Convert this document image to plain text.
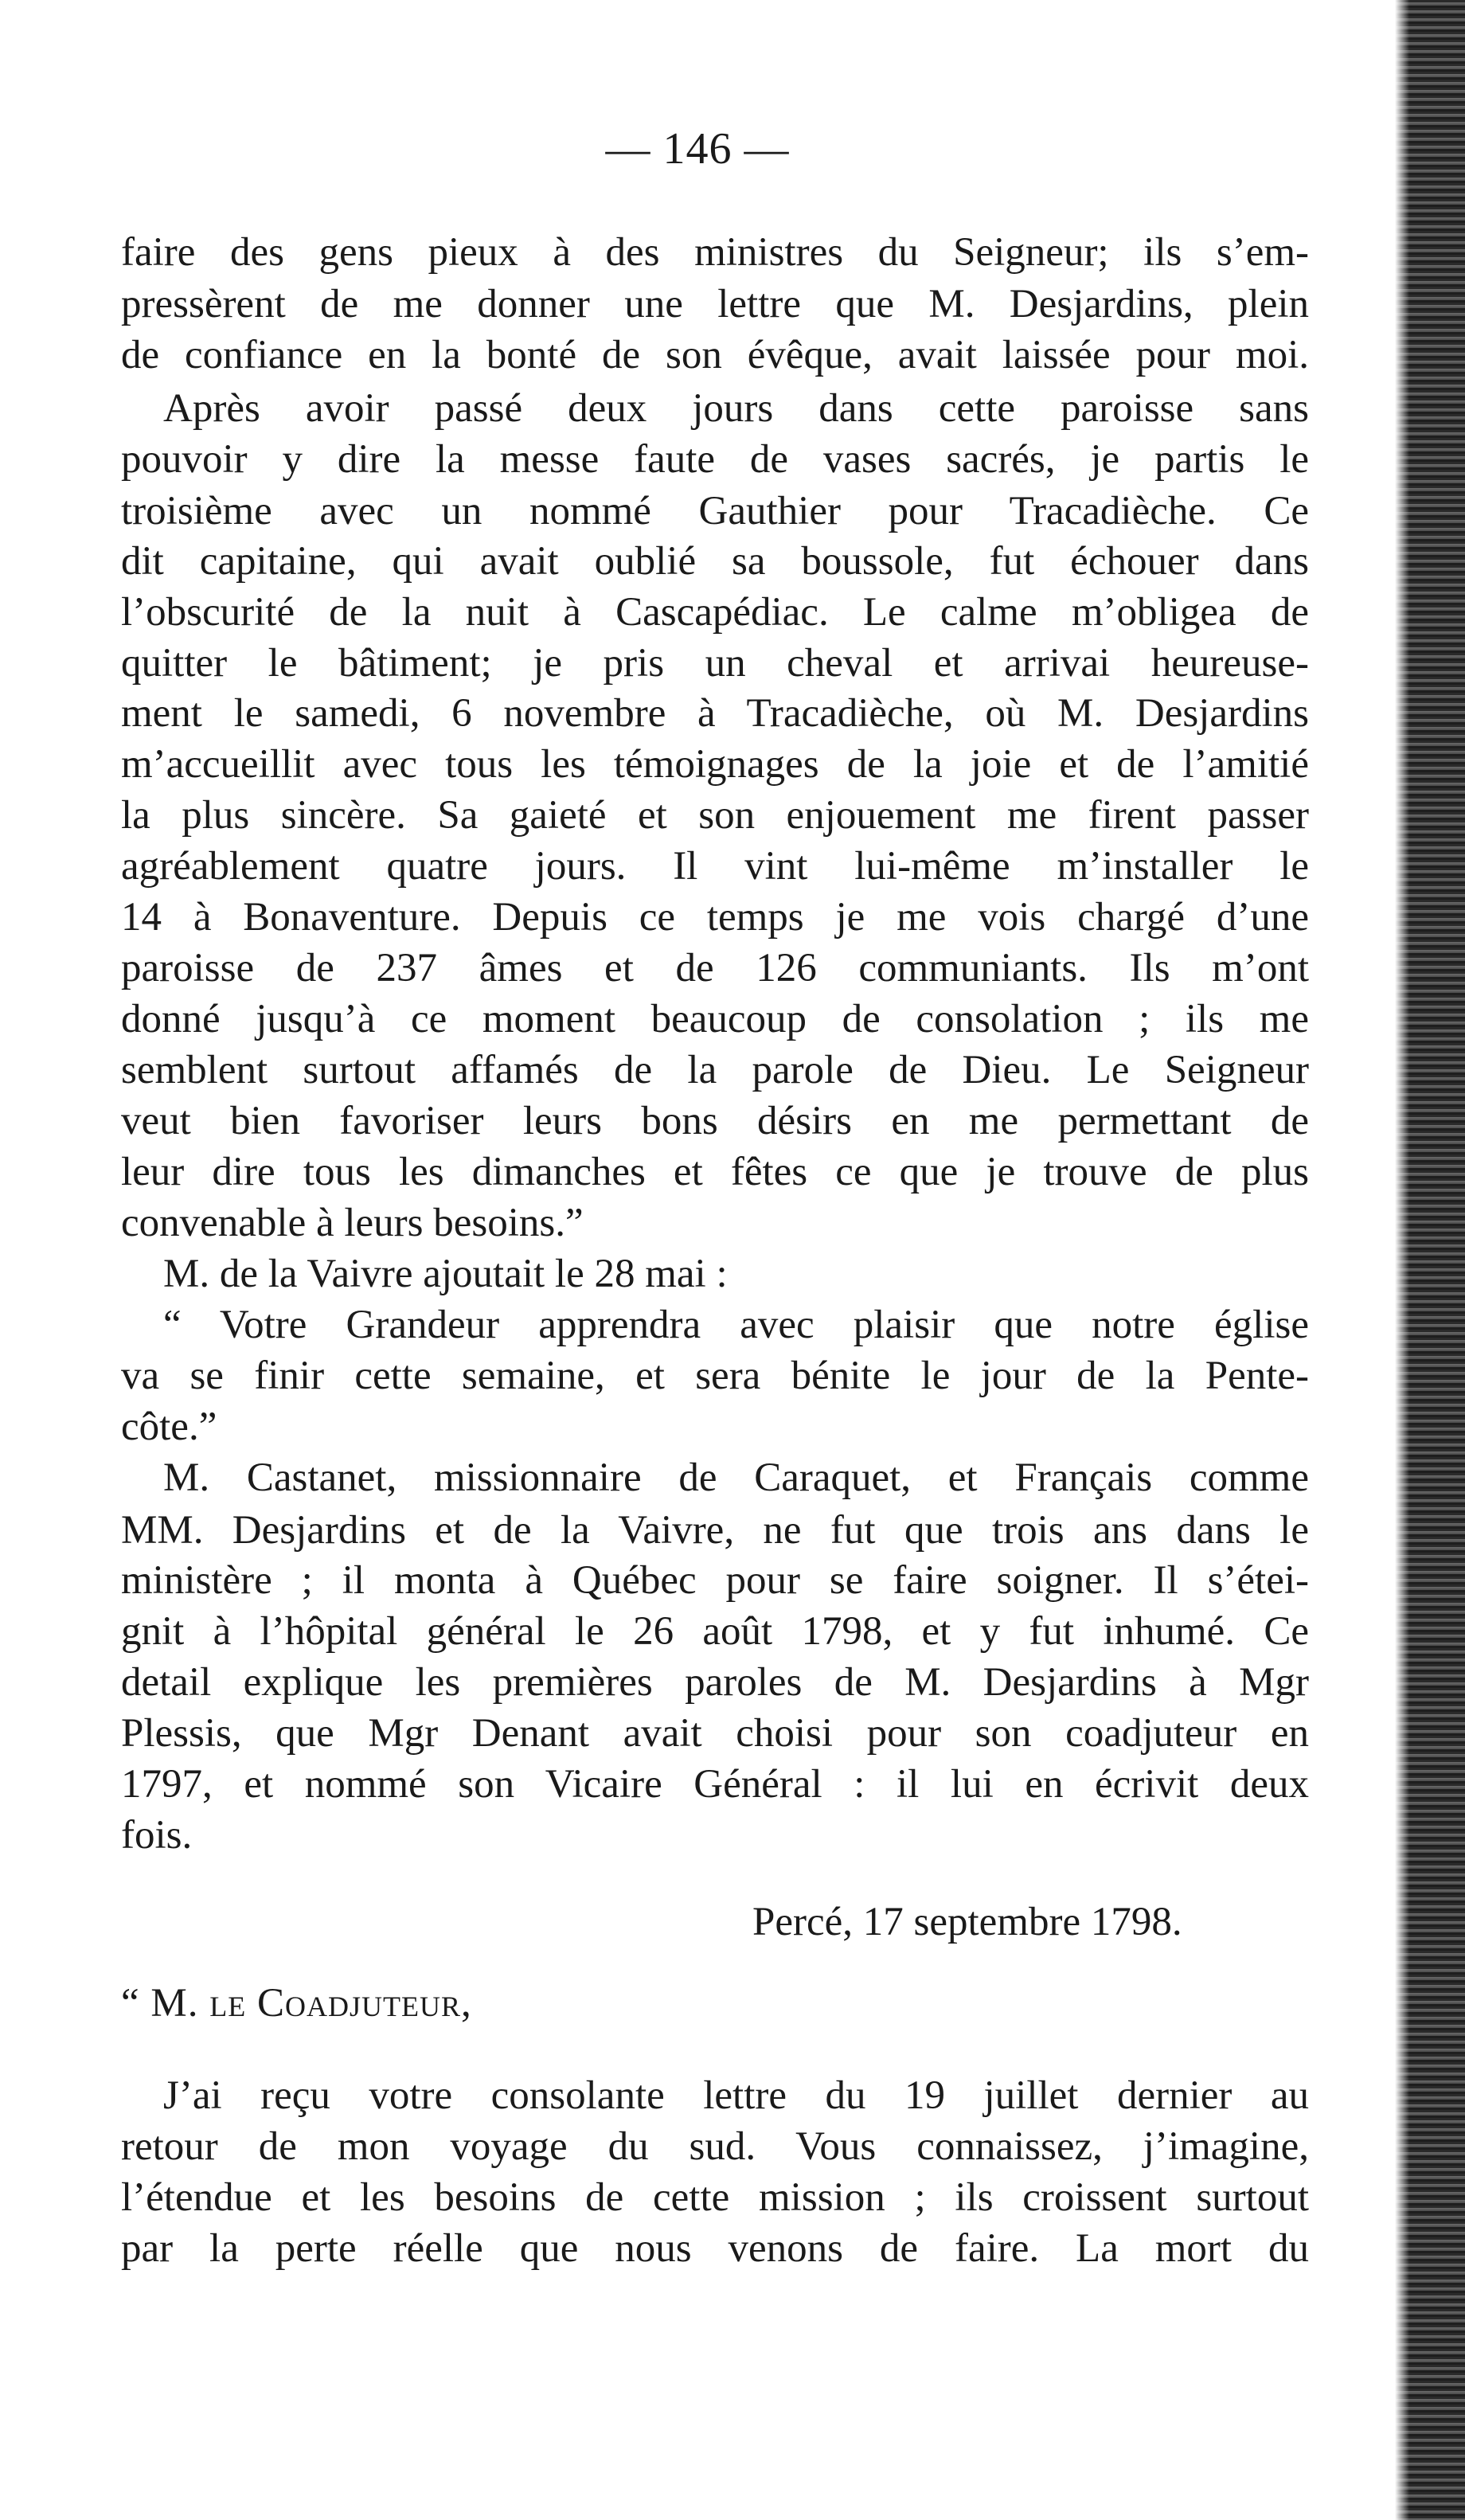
— 146 —
faire des gens pieux à des ministres du Seigneur; ils s’em-
pressèrent de me donner une lettre que M. Desjardins, plein
de confiance en la bonté de son évêque, avait laissée pour moi.
Après avoir passé deux jours dans cette paroisse sans
pouvoir y dire la messe faute de vases sacrés, je partis le
troisième avec un nommé Gauthier pour Tracadièche. Ce
dit capitaine, qui avait oublié sa boussole, fut échouer dans
l’obscurité de la nuit à Cascapédiac. Le calme m’obligea de
quitter le bâtiment; je pris un cheval et arrivai heureuse-
ment le samedi, 6 novembre à Tracadièche, où M. Desjardins
m’accueillit avec tous les témoignages de la joie et de l’amitié
la plus sincère. Sa gaieté et son enjouement me firent passer
agréablement quatre jours. Il vint lui-même m’installer le
14 à Bonaventure. Depuis ce temps je me vois chargé d’une
paroisse de 237 âmes et de 126 communiants. Ils m’ont
donné jusqu’à ce moment beaucoup de consolation ; ils me
semblent surtout affamés de la parole de Dieu. Le Seigneur
veut bien favoriser leurs bons désirs en me permettant de
leur dire tous les dimanches et fêtes ce que je trouve de plus
convenable à leurs besoins.”
M. de la Vaivre ajoutait le 28 mai :
“ Votre Grandeur apprendra avec plaisir que notre église
va se finir cette semaine, et sera bénite le jour de la Pente-
côte.”
M. Castanet, missionnaire de Caraquet, et Français comme
MM. Desjardins et de la Vaivre, ne fut que trois ans dans le
ministère ; il monta à Québec pour se faire soigner. Il s’étei-
gnit à l’hôpital général le 26 août 1798, et y fut inhumé. Ce
detail explique les premières paroles de M. Desjardins à Mgr
Plessis, que Mgr Denant avait choisi pour son coadjuteur en
1797, et nommé son Vicaire Général : il lui en écrivit deux
fois.
Percé, 17 septembre 1798.
“ M. le Coadjuteur,
J’ai reçu votre consolante lettre du 19 juillet dernier au
retour de mon voyage du sud. Vous connaissez, j’imagine,
l’étendue et les besoins de cette mission ; ils croissent surtout
par la perte réelle que nous venons de faire. La mort du
